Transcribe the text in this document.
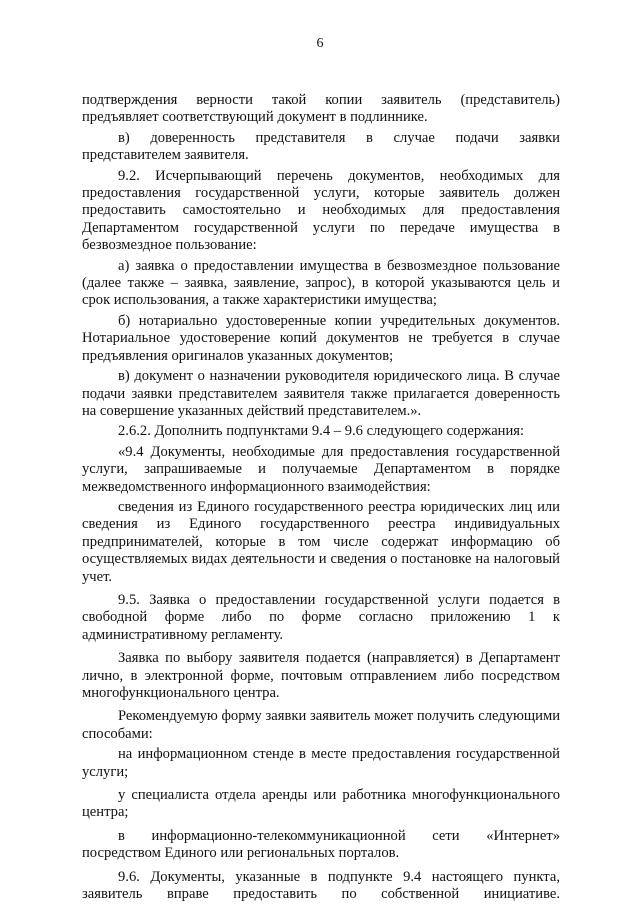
6

подтверждения верности такой копии заявитель (представитель) предъявляет соответствующий документ в подлиннике.

в) доверенность представителя в случае подачи заявки представителем заявителя.

9.2. Исчерпывающий перечень документов, необходимых для предоставления государственной услуги, которые заявитель должен предоставить самостоятельно и необходимых для предоставления Департаментом государственной услуги по передаче имущества в безвозмездное пользование:

а) заявка о предоставлении имущества в безвозмездное пользование (далее также – заявка, заявление, запрос), в которой указываются цель и срок использования, а также характеристики имущества;

б) нотариально удостоверенные копии учредительных документов. Нотариальное удостоверение копий документов не требуется в случае предъявления оригиналов указанных документов;

в) документ о назначении руководителя юридического лица. В случае подачи заявки представителем заявителя также прилагается доверенность на совершение указанных действий представителем.».

2.6.2. Дополнить подпунктами 9.4 – 9.6 следующего содержания:

«9.4 Документы, необходимые для предоставления государственной услуги, запрашиваемые и получаемые Департаментом в порядке межведомственного информационного взаимодействия:

сведения из Единого государственного реестра юридических лиц или сведения из Единого государственного реестра индивидуальных предпринимателей, которые в том числе содержат информацию об осуществляемых видах деятельности и сведения о постановке на налоговый учет.

9.5. Заявка о предоставлении государственной услуги подается в свободной форме либо по форме согласно приложению 1 к административному регламенту.

Заявка по выбору заявителя подается (направляется) в Департамент лично, в электронной форме, почтовым отправлением либо посредством многофункционального центра.

Рекомендуемую форму заявки заявитель может получить следующими способами:

на информационном стенде в месте предоставления государственной услуги;

у специалиста отдела аренды или работника многофункционального центра;

в информационно-телекоммуникационной сети «Интернет» посредством Единого или региональных порталов.

9.6. Документы, указанные в подпункте 9.4 настоящего пункта, заявитель вправе предоставить по собственной инициативе.
